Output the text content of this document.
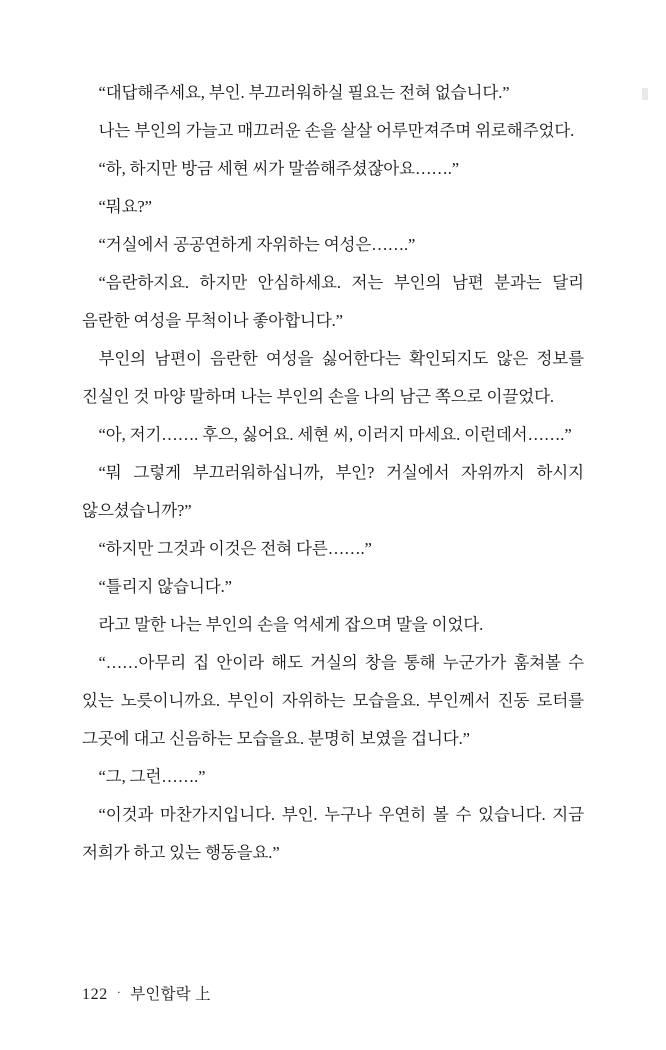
“대답해주세요, 부인. 부끄러워하실 필요는 전혀 없습니다.”

나는 부인의 가늘고 매끄러운 손을 살살 어루만져주며 위로해주었다.

“하, 하지만 방금 세현 씨가 말씀해주셨잖아요…….”

“뭐요?”

“거실에서 공공연하게 자위하는 여성은…….”

“음란하지요. 하지만 안심하세요. 저는 부인의 남편 분과는 달리 음란한 여성을 무척이나 좋아합니다.”

부인의 남편이 음란한 여성을 싫어한다는 확인되지도 않은 정보를 진실인 것 마양 말하며 나는 부인의 손을 나의 남근 쪽으로 이끌었다.

“아, 저기……. 후으, 싫어요. 세현 씨, 이러지 마세요. 이런데서…….”

“뭐 그렇게 부끄러워하십니까, 부인? 거실에서 자위까지 하시지 않으셨습니까?”

“하지만 그것과 이것은 전혀 다른…….”

“틀리지 않습니다.”

라고 말한 나는 부인의 손을 억세게 잡으며 말을 이었다.

“……아무리 집 안이라 해도 거실의 창을 통해 누군가가 훔쳐볼 수 있는 노릇이니까요. 부인이 자위하는 모습을요. 부인께서 진동 로터를 그곳에 대고 신음하는 모습을요. 분명히 보였을 겁니다.”

“그, 그런…….”

“이것과 마찬가지입니다. 부인. 누구나 우연히 볼 수 있습니다. 지금 저희가 하고 있는 행동을요.”

122 · 부인합락 上
